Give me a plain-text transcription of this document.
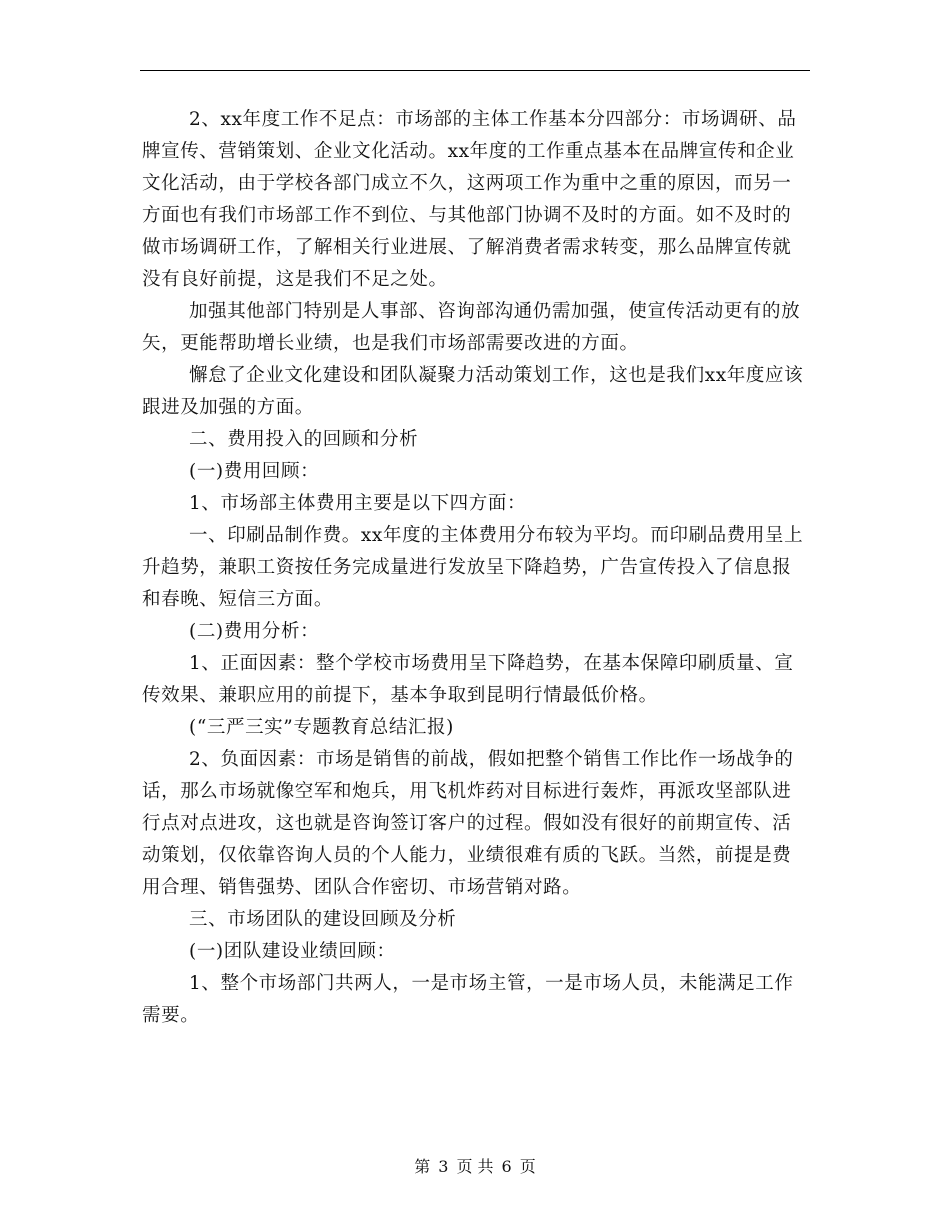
2、xx年度工作不足点：市场部的主体工作基本分四部分：市场调研、品牌宣传、营销策划、企业文化活动。xx年度的工作重点基本在品牌宣传和企业文化活动，由于学校各部门成立不久，这两项工作为重中之重的原因，而另一方面也有我们市场部工作不到位、与其他部门协调不及时的方面。如不及时的做市场调研工作，了解相关行业进展、了解消费者需求转变，那么品牌宣传就没有良好前提，这是我们不足之处。

加强其他部门特别是人事部、咨询部沟通仍需加强，使宣传活动更有的放矢，更能帮助增长业绩，也是我们市场部需要改进的方面。

懈怠了企业文化建设和团队凝聚力活动策划工作，这也是我们xx年度应该跟进及加强的方面。

二、费用投入的回顾和分析

(一)费用回顾：

1、市场部主体费用主要是以下四方面：

一、印刷品制作费。xx年度的主体费用分布较为平均。而印刷品费用呈上升趋势，兼职工资按任务完成量进行发放呈下降趋势，广告宣传投入了信息报和春晚、短信三方面。

(二)费用分析：

1、正面因素：整个学校市场费用呈下降趋势，在基本保障印刷质量、宣传效果、兼职应用的前提下，基本争取到昆明行情最低价格。

(“三严三实”专题教育总结汇报)

2、负面因素：市场是销售的前战，假如把整个销售工作比作一场战争的话，那么市场就像空军和炮兵，用飞机炸药对目标进行轰炸，再派攻坚部队进行点对点进攻，这也就是咨询签订客户的过程。假如没有很好的前期宣传、活动策划，仅依靠咨询人员的个人能力，业绩很难有质的飞跃。当然，前提是费用合理、销售强势、团队合作密切、市场营销对路。

三、市场团队的建设回顾及分析

(一)团队建设业绩回顾：

1、整个市场部门共两人，一是市场主管，一是市场人员，未能满足工作需要。

第 3 页 共 6 页
